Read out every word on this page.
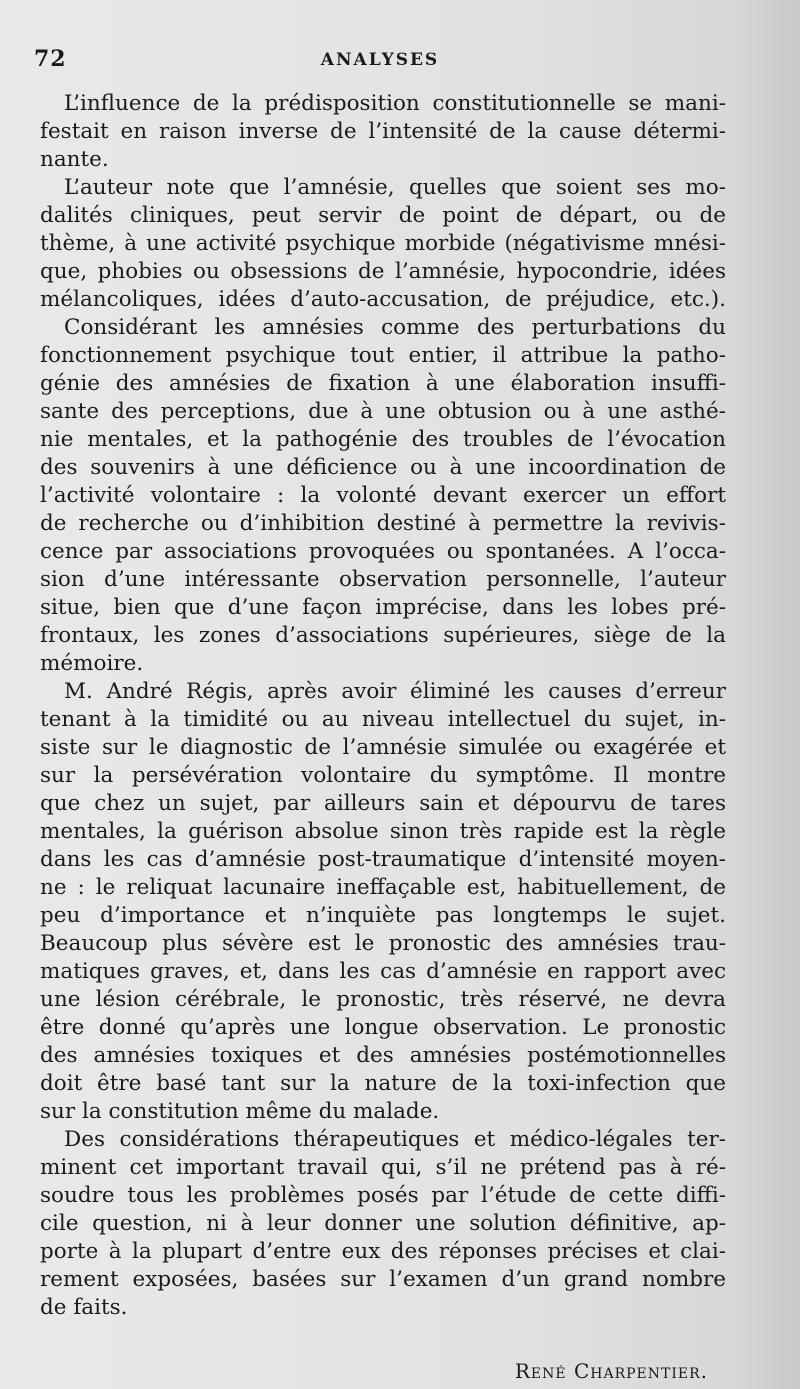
72	ANALYSES
L’influence de la prédisposition constitutionnelle se mani-
festait en raison inverse de l’intensité de la cause détermi-
nante.
L’auteur note que l’amnésie, quelles que soient ses mo-
dalités cliniques, peut servir de point de départ, ou de
thème, à une activité psychique morbide (négativisme mnési-
que, phobies ou obsessions de l’amnésie, hypocondrie, idées
mélancoliques, idées d’auto-accusation, de préjudice, etc.).
Considérant les amnésies comme des perturbations du
fonctionnement psychique tout entier, il attribue la patho-
génie des amnésies de fixation à une élaboration insuffi-
sante des perceptions, due à une obtusion ou à une asthé-
nie mentales, et la pathogénie des troubles de l’évocation
des souvenirs à une déficience ou à une incoordination de
l’activité volontaire : la volonté devant exercer un effort
de recherche ou d’inhibition destiné à permettre la revivis-
cence par associations provoquées ou spontanées. A l’occa-
sion d’une intéressante observation personnelle, l’auteur
situe, bien que d’une façon imprécise, dans les lobes pré-
frontaux, les zones d’associations supérieures, siège de la
mémoire.
M. André Régis, après avoir éliminé les causes d’erreur
tenant à la timidité ou au niveau intellectuel du sujet, in-
siste sur le diagnostic de l’amnésie simulée ou exagérée et
sur la persévération volontaire du symptôme. Il montre
que chez un sujet, par ailleurs sain et dépourvu de tares
mentales, la guérison absolue sinon très rapide est la règle
dans les cas d’amnésie post-traumatique d’intensité moyen-
ne : le reliquat lacunaire ineffaçable est, habituellement, de
peu d’importance et n’inquiète pas longtemps le sujet.
Beaucoup plus sévère est le pronostic des amnésies trau-
matiques graves, et, dans les cas d’amnésie en rapport avec
une lésion cérébrale, le pronostic, très réservé, ne devra
être donné qu’après une longue observation. Le pronostic
des amnésies toxiques et des amnésies postémotionnelles
doit être basé tant sur la nature de la toxi-infection que
sur la constitution même du malade.
Des considérations thérapeutiques et médico-légales ter-
minent cet important travail qui, s’il ne prétend pas à ré-
soudre tous les problèmes posés par l’étude de cette diffi-
cile question, ni à leur donner une solution définitive, ap-
porte à la plupart d’entre eux des réponses précises et clai-
rement exposées, basées sur l’examen d’un grand nombre
de faits.
René Charpentier.
